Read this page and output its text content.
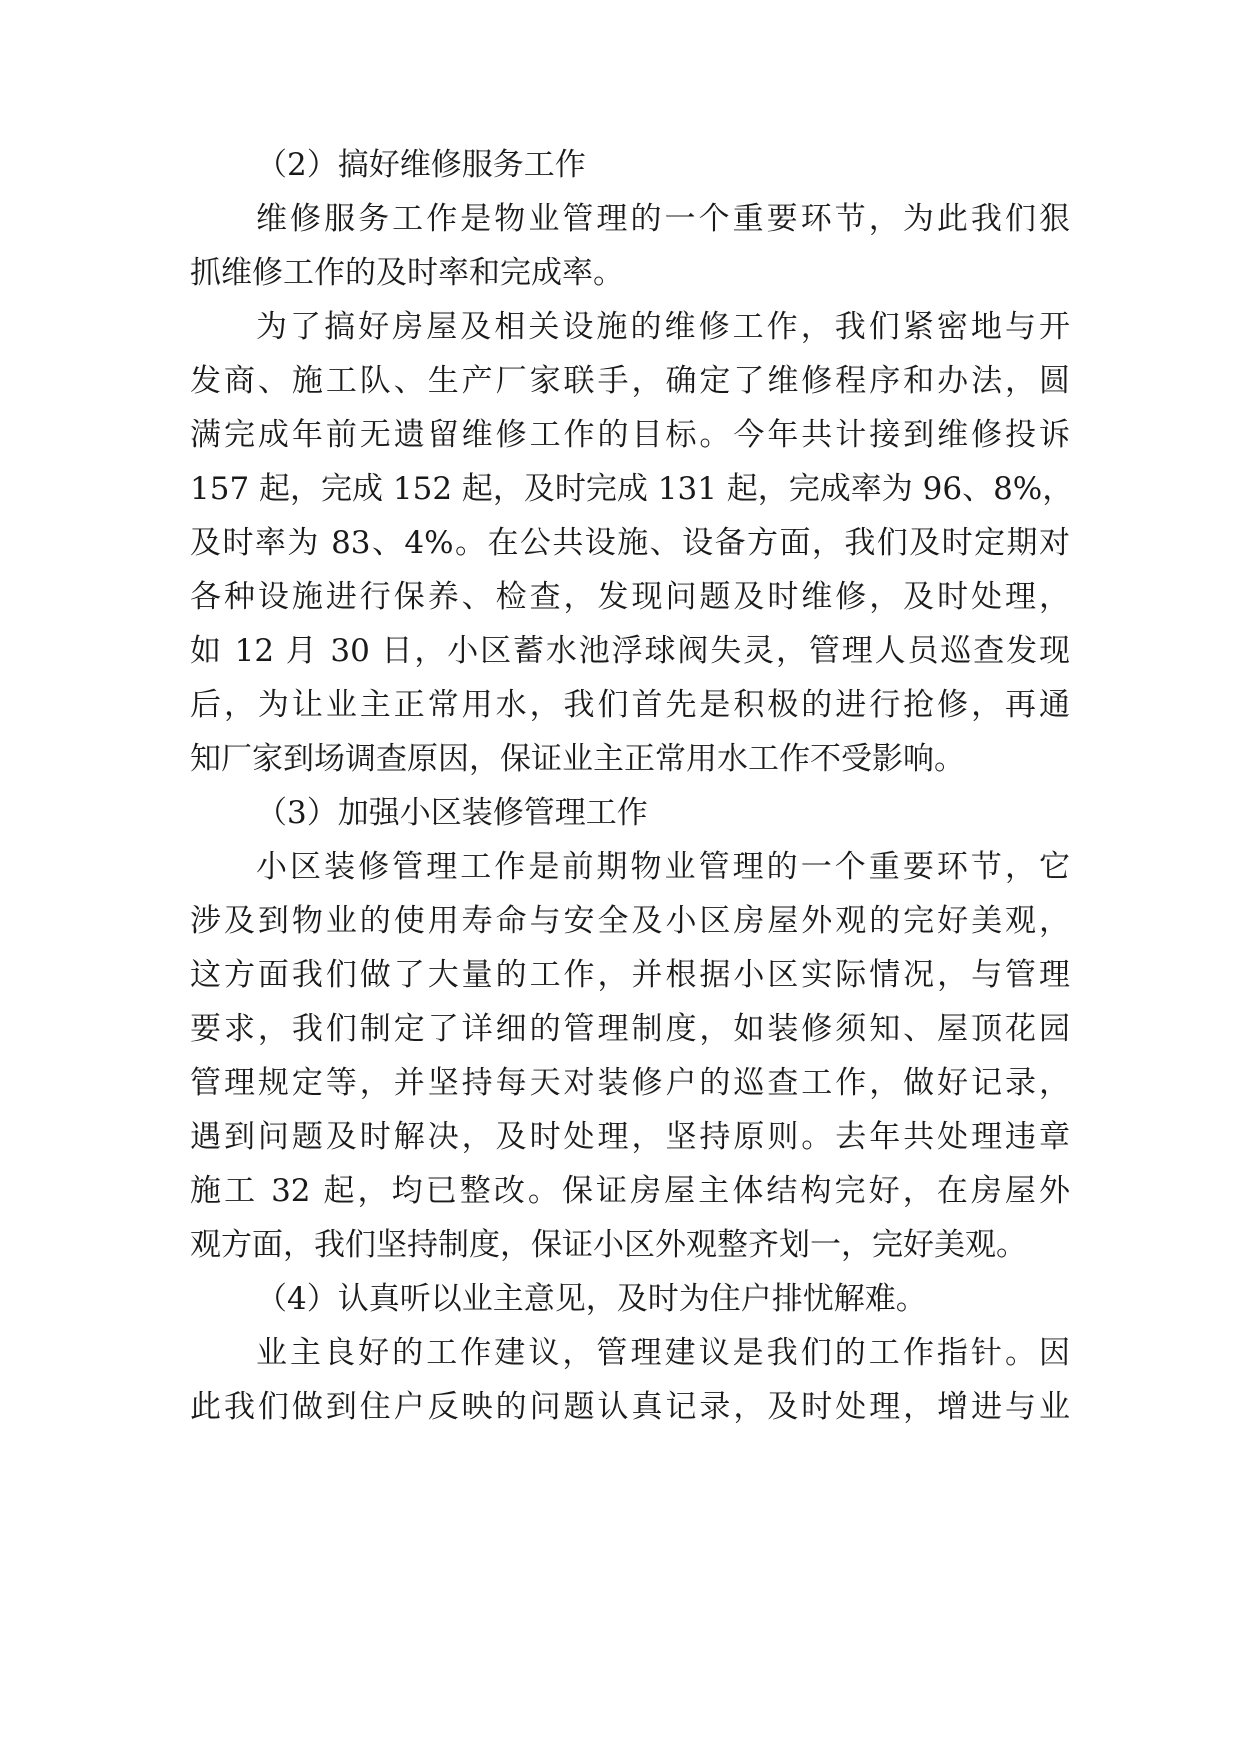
（2）搞好维修服务工作
维修服务工作是物业管理的一个重要环节，为此我们狠
抓维修工作的及时率和完成率。
为了搞好房屋及相关设施的维修工作，我们紧密地与开
发商、施工队、生产厂家联手，确定了维修程序和办法，圆
满完成年前无遗留维修工作的目标。今年共计接到维修投诉
157 起，完成 152 起，及时完成 131 起，完成率为 96、8%，
及时率为 83、4%。在公共设施、设备方面，我们及时定期对
各种设施进行保养、检查，发现问题及时维修，及时处理，
如 12 月 30 日，小区蓄水池浮球阀失灵，管理人员巡查发现
后，为让业主正常用水，我们首先是积极的进行抢修，再通
知厂家到场调查原因，保证业主正常用水工作不受影响。
（3）加强小区装修管理工作
小区装修管理工作是前期物业管理的一个重要环节，它
涉及到物业的使用寿命与安全及小区房屋外观的完好美观，
这方面我们做了大量的工作，并根据小区实际情况，与管理
要求，我们制定了详细的管理制度，如装修须知、屋顶花园
管理规定等，并坚持每天对装修户的巡查工作，做好记录，
遇到问题及时解决，及时处理，坚持原则。去年共处理违章
施工 32 起，均已整改。保证房屋主体结构完好，在房屋外
观方面，我们坚持制度，保证小区外观整齐划一，完好美观。
（4）认真听以业主意见，及时为住户排忧解难。
业主良好的工作建议，管理建议是我们的工作指针。因
此我们做到住户反映的问题认真记录，及时处理，增进与业
